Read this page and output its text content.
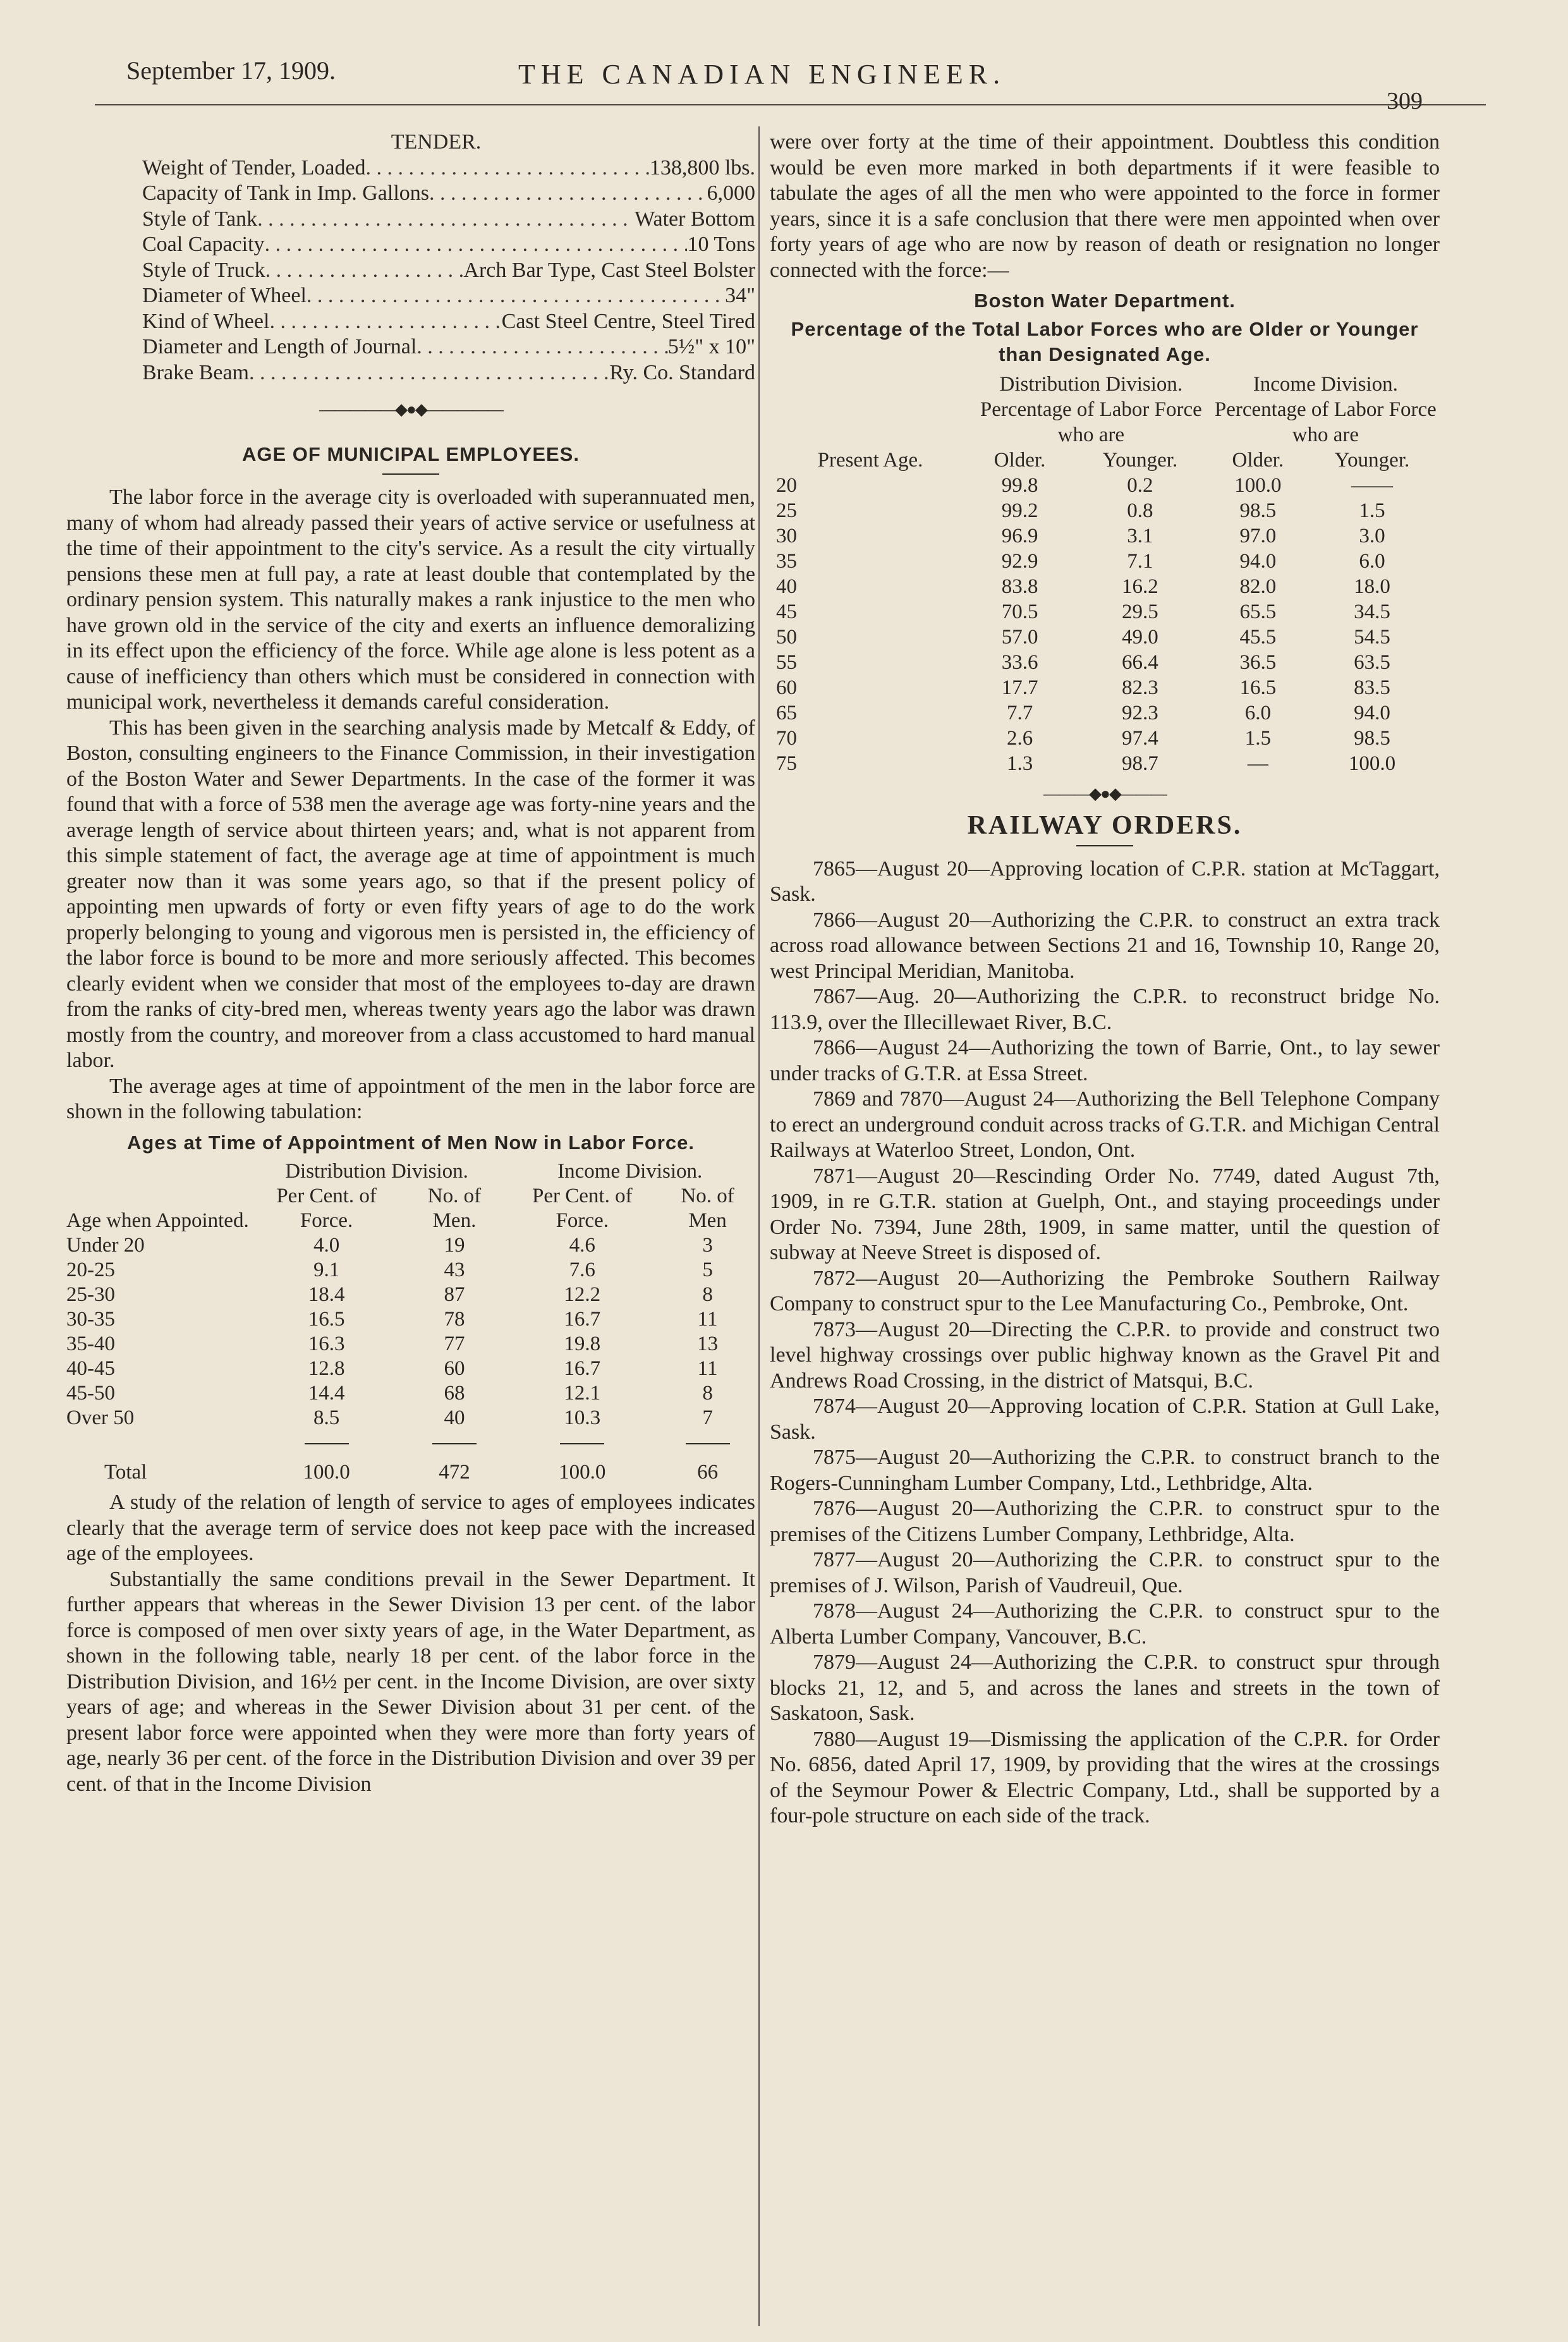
September 17, 1909.	THE CANADIAN ENGINEER.
309
TENDER.
Weight of Tender, Loaded . . .	138,800 lbs.
Capacity of Tank in Imp. Gallons . . .	6,000
Style of Tank . . .	Water Bottom
Coal Capacity . . .	10 Tons
Style of Truck . . .	Arch Bar Type, Cast Steel Bolster
Diameter of Wheel . . .	34"
Kind of Wheel . . .	Cast Steel Centre, Steel Tired
Diameter and Length of Journal . . .	5½" x 10"
Brake Beam . . .	Ry. Co. Standard
―――――◆●◆―――――
AGE OF MUNICIPAL EMPLOYEES.

The labor force in the average city is overloaded with superannuated men, many of whom had already passed their years of active service or usefulness at the time of their appointment to the city's service. As a result the city virtually pensions these men at full pay, a rate at least double that contemplated by the ordinary pension system. This naturally makes a rank injustice to the men who have grown old in the service of the city and exerts an influence demoralizing in its effect upon the efficiency of the force. While age alone is less potent as a cause of inefficiency than others which must be considered in connection with municipal work, nevertheless it demands careful consideration.

This has been given in the searching analysis made by Metcalf & Eddy, of Boston, consulting engineers to the Finance Commission, in their investigation of the Boston Water and Sewer Departments. In the case of the former it was found that with a force of 538 men the average age was forty-nine years and the average length of service about thirteen years; and, what is not apparent from this simple statement of fact, the average age at time of appointment is much greater now than it was some years ago, so that if the present policy of appointing men upwards of forty or even fifty years of age to do the work properly belonging to young and vigorous men is persisted in, the efficiency of the labor force is bound to be more and more seriously affected. This becomes clearly evident when we consider that most of the employees to-day are drawn from the ranks of city-bred men, whereas twenty years ago the labor was drawn mostly from the country, and moreover from a class accustomed to hard manual labor.

The average ages at time of appointment of the men in the labor force are shown in the following tabulation:

Ages at Time of Appointment of Men Now in Labor Force.
	Distribution Division.		Income Division.	
Age when Appointed.	Per Cent. of Force.	No. of Men.	Per Cent. of Force.	No. of Men
Under 20	4.0	19	4.6	3
20-25	9.1	43	7.6	5
25-30	18.4	87	12.2	8
30-35	16.5	78	16.7	11
35-40	16.3	77	19.8	13
40-45	12.8	60	16.7	11
45-50	14.4	68	12.1	8
Over 50	8.5	40	10.3	7

Total	100.0	472	100.0	66

A study of the relation of length of service to ages of employees indicates clearly that the average term of service does not keep pace with the increased age of the employees.

Substantially the same conditions prevail in the Sewer Department. It further appears that whereas in the Sewer Division 13 per cent. of the labor force is composed of men over sixty years of age, in the Water Department, as shown in the following table, nearly 18 per cent. of the labor force in the Distribution Division, and 16½ per cent. in the Income Division, are over sixty years of age; and whereas in the Sewer Division about 31 per cent. of the present labor force were appointed when they were more than forty years of age, nearly 36 per cent. of the force in the Distribution Division and over 39 per cent. of that in the Income Division

were over forty at the time of their appointment. Doubtless this condition would be even more marked in both departments if it were feasible to tabulate the ages of all the men who were appointed to the force in former years, since it is a safe conclusion that there were men appointed when over forty years of age who are now by reason of death or resignation no longer connected with the force:—

Boston Water Department.
Percentage of the Total Labor Forces who are Older or Younger than Designated Age.
	Distribution Division. Percentage of Labor Force who are		Income Division. Percentage of Labor Force who are	
Present Age.	Older.	Younger.	Older.	Younger.
20	99.8	0.2	100.0	——
25	99.2	0.8	98.5	1.5
30	96.9	3.1	97.0	3.0
35	92.9	7.1	94.0	6.0
40	83.8	16.2	82.0	18.0
45	70.5	29.5	65.5	34.5
50	57.0	49.0	45.5	54.5
55	33.6	66.4	36.5	63.5
60	17.7	82.3	16.5	83.5
65	7.7	92.3	6.0	94.0
70	2.6	97.4	1.5	98.5
75	1.3	98.7	—	100.0
―――◆●◆―――
RAILWAY ORDERS.

7865—August 20—Approving location of C.P.R. station at McTaggart, Sask.

7866—August 20—Authorizing the C.P.R. to construct an extra track across road allowance between Sections 21 and 16, Township 10, Range 20, west Principal Meridian, Manitoba.

7867—Aug. 20—Authorizing the C.P.R. to reconstruct bridge No. 113.9, over the Illecillewaet River, B.C.

7866—August 24—Authorizing the town of Barrie, Ont., to lay sewer under tracks of G.T.R. at Essa Street.

7869 and 7870—August 24—Authorizing the Bell Telephone Company to erect an underground conduit across tracks of G.T.R. and Michigan Central Railways at Waterloo Street, London, Ont.

7871—August 20—Rescinding Order No. 7749, dated August 7th, 1909, in re G.T.R. station at Guelph, Ont., and staying proceedings under Order No. 7394, June 28th, 1909, in same matter, until the question of subway at Neeve Street is disposed of.

7872—August 20—Authorizing the Pembroke Southern Railway Company to construct spur to the Lee Manufacturing Co., Pembroke, Ont.

7873—August 20—Directing the C.P.R. to provide and construct two level highway crossings over public highway known as the Gravel Pit and Andrews Road Crossing, in the district of Matsqui, B.C.

7874—August 20—Approving location of C.P.R. Station at Gull Lake, Sask.

7875—August 20—Authorizing the C.P.R. to construct branch to the Rogers-Cunningham Lumber Company, Ltd., Lethbridge, Alta.

7876—August 20—Authorizing the C.P.R. to construct spur to the premises of the Citizens Lumber Company, Lethbridge, Alta.

7877—August 20—Authorizing the C.P.R. to construct spur to the premises of J. Wilson, Parish of Vaudreuil, Que.

7878—August 24—Authorizing the C.P.R. to construct spur to the Alberta Lumber Company, Vancouver, B.C.

7879—August 24—Authorizing the C.P.R. to construct spur through blocks 21, 12, and 5, and across the lanes and streets in the town of Saskatoon, Sask.

7880—August 19—Dismissing the application of the C.P.R. for Order No. 6856, dated April 17, 1909, by providing that the wires at the crossings of the Seymour Power & Electric Company, Ltd., shall be supported by a four-pole structure on each side of the track.
